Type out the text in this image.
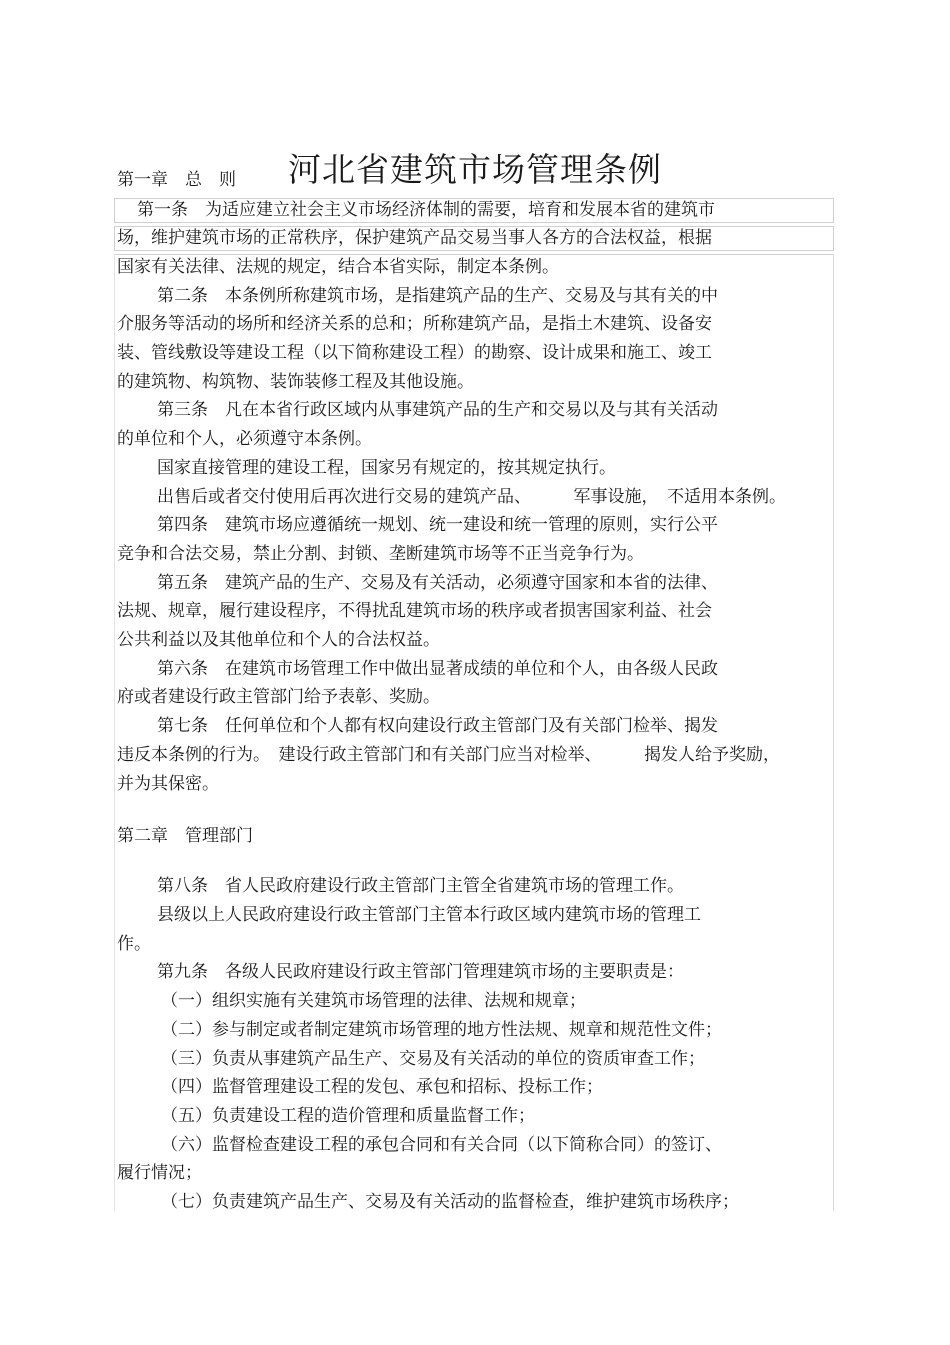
河北省建筑市场管理条例
第一章　总　则
第一条　为适应建立社会主义市场经济体制的需要，培育和发展本省的建筑市
场，维护建筑市场的正常秩序，保护建筑产品交易当事人各方的合法权益，根据
国家有关法律、法规的规定，结合本省实际，制定本条例。
第二条　本条例所称建筑市场，是指建筑产品的生产、交易及与其有关的中
介服务等活动的场所和经济关系的总和；所称建筑产品，是指土木建筑、设备安
装、管线敷设等建设工程（以下简称建设工程）的勘察、设计成果和施工、竣工
的建筑物、构筑物、装饰装修工程及其他设施。
第三条　凡在本省行政区域内从事建筑产品的生产和交易以及与其有关活动
的单位和个人，必须遵守本条例。
国家直接管理的建设工程，国家另有规定的，按其规定执行。
出售后或者交付使用后再次进行交易的建筑产品、　　　军事设施，　不适用本条例。
第四条　建筑市场应遵循统一规划、统一建设和统一管理的原则，实行公平
竞争和合法交易，禁止分割、封锁、垄断建筑市场等不正当竞争行为。
第五条　建筑产品的生产、交易及有关活动，必须遵守国家和本省的法律、
法规、规章，履行建设程序，不得扰乱建筑市场的秩序或者损害国家利益、社会
公共利益以及其他单位和个人的合法权益。
第六条　在建筑市场管理工作中做出显著成绩的单位和个人，由各级人民政
府或者建设行政主管部门给予表彰、奖励。
第七条　任何单位和个人都有权向建设行政主管部门及有关部门检举、揭发
违反本条例的行为。　建设行政主管部门和有关部门应当对检举、　　　揭发人给予奖励，
并为其保密。
第二章　管理部门
第八条　省人民政府建设行政主管部门主管全省建筑市场的管理工作。
县级以上人民政府建设行政主管部门主管本行政区域内建筑市场的管理工
作。
第九条　各级人民政府建设行政主管部门管理建筑市场的主要职责是：
（一）组织实施有关建筑市场管理的法律、法规和规章；
（二）参与制定或者制定建筑市场管理的地方性法规、规章和规范性文件；
（三）负责从事建筑产品生产、交易及有关活动的单位的资质审查工作；
（四）监督管理建设工程的发包、承包和招标、投标工作；
（五）负责建设工程的造价管理和质量监督工作；
（六）监督检查建设工程的承包合同和有关合同（以下简称合同）的签订、
履行情况；
（七）负责建筑产品生产、交易及有关活动的监督检查，维护建筑市场秩序；
